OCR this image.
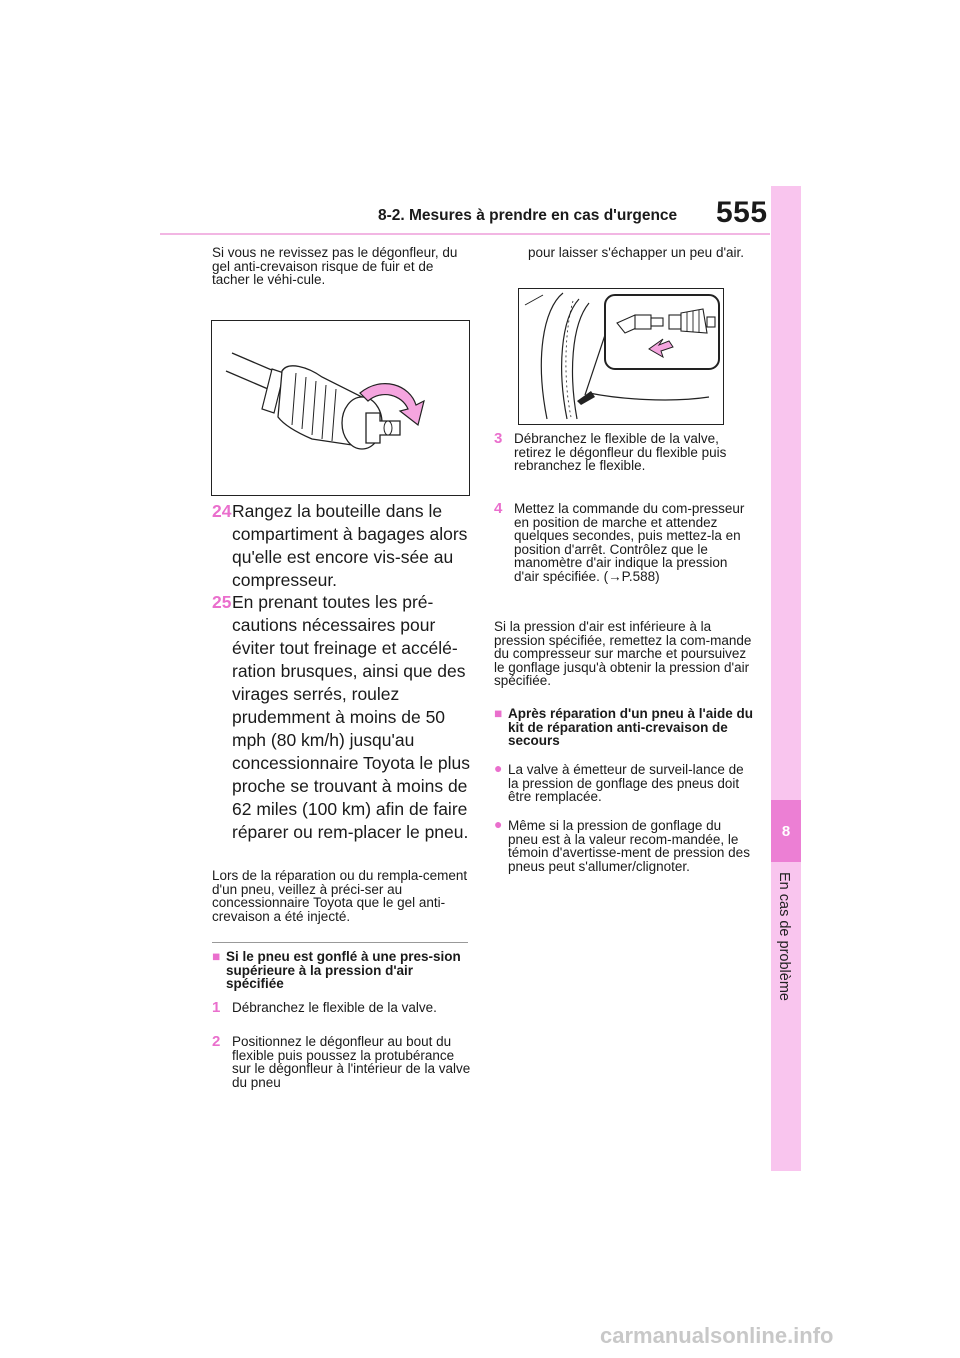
8-2. Mesures à prendre en cas d'urgence 555
8
En cas de problème
Si vous ne revissez pas le dégonfleur, du gel anti-crevaison risque de fuir et de tacher le véhi-cule.
24 Rangez la bouteille dans le compartiment à bagages alors qu'elle est encore vis-sée au compresseur.
25 En prenant toutes les pré-cautions nécessaires pour éviter tout freinage et accélé-ration brusques, ainsi que des virages serrés, roulez prudemment à moins de 50 mph (80 km/h) jusqu'au concessionnaire Toyota le plus proche se trouvant à moins de 62 miles (100 km) afin de faire réparer ou rem-placer le pneu.
Lors de la réparation ou du rempla-cement d'un pneu, veillez à préci-ser au concessionnaire Toyota que le gel anti-crevaison a été injecté.
■ Si le pneu est gonflé à une pres-sion supérieure à la pression d'air spécifiée
1 Débranchez le flexible de la valve.
2 Positionnez le dégonfleur au bout du flexible puis poussez la protubérance sur le dégonfleur à l'intérieur de la valve du pneu
pour laisser s'échapper un peu d'air.
3 Débranchez le flexible de la valve, retirez le dégonfleur du flexible puis rebranchez le flexible.
4 Mettez la commande du com-presseur en position de marche et attendez quelques secondes, puis mettez-la en position d'arrêt. Contrôlez que le manomètre d'air indique la pression d'air spécifiée. (→P.588)
Si la pression d'air est inférieure à la pression spécifiée, remettez la com-mande du compresseur sur marche et poursuivez le gonflage jusqu'à obtenir la pression d'air spécifiée.
■ Après réparation d'un pneu à l'aide du kit de réparation anti-crevaison de secours
● La valve à émetteur de surveil-lance de la pression de gonflage des pneus doit être remplacée.
● Même si la pression de gonflage du pneu est à la valeur recom-mandée, le témoin d'avertisse-ment de pression des pneus peut s'allumer/clignoter.
carmanualsonline.info
